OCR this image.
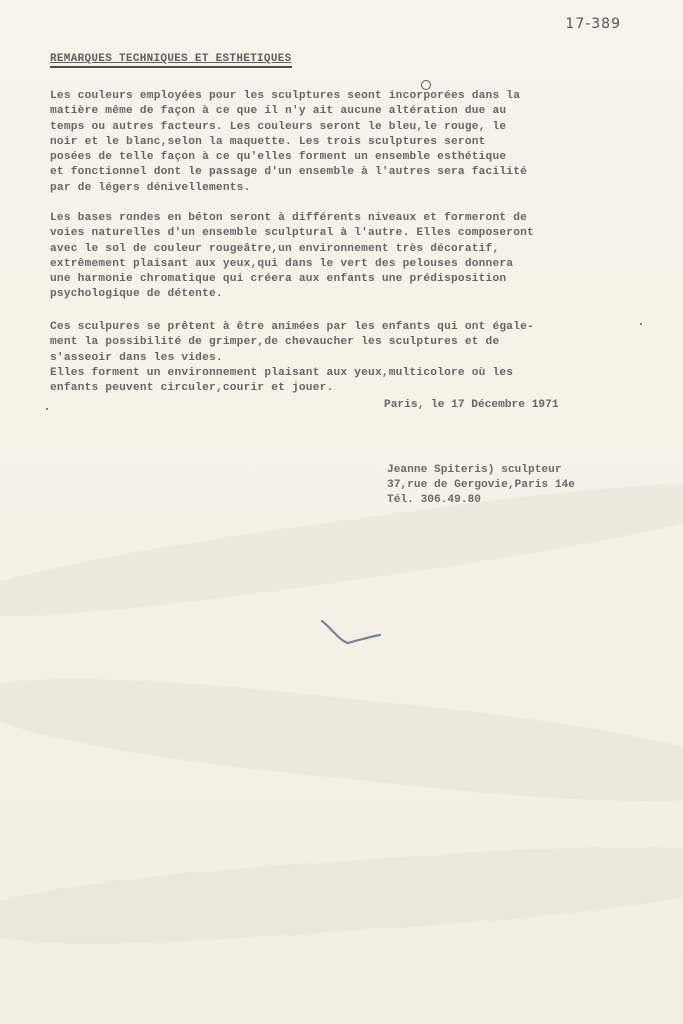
17-389
REMARQUES TECHNIQUES ET ESTHETIQUES
Les couleurs employées pour les sculptures seont incorporées dans la
matière même de façon à ce que il n'y ait aucune altération due au
temps ou autres facteurs. Les couleurs seront le bleu,le rouge, le
noir et le blanc,selon la maquette. Les trois sculptures seront
posées de telle façon à ce qu'elles forment un ensemble esthétique
et fonctionnel dont le passage d'un ensemble à l'autres sera facilité
par de légers dénivellements.
Les bases rondes en béton seront à différents niveaux et formeront de
voies naturelles d'un ensemble sculptural à l'autre. Elles composeront
avec le sol de couleur rougeâtre,un environnement très décoratif,
extrêmement plaisant aux yeux,qui dans le vert des pelouses donnera
une harmonie chromatique qui créera aux enfants une prédisposition
psychologique de détente.
Ces sculpures se prêtent à être animées par les enfants qui ont égale-
ment la possibilité de grimper,de chevaucher les sculptures et de
s'asseoir dans les vides.
Elles forment un environnement plaisant aux yeux,multicolore où les
enfants peuvent circuler,courir et jouer.
Paris, le 17 Décembre 1971
Jeanne Spiteris) sculpteur
37,rue de Gergovie,Paris 14e
Tél. 306.49.80
